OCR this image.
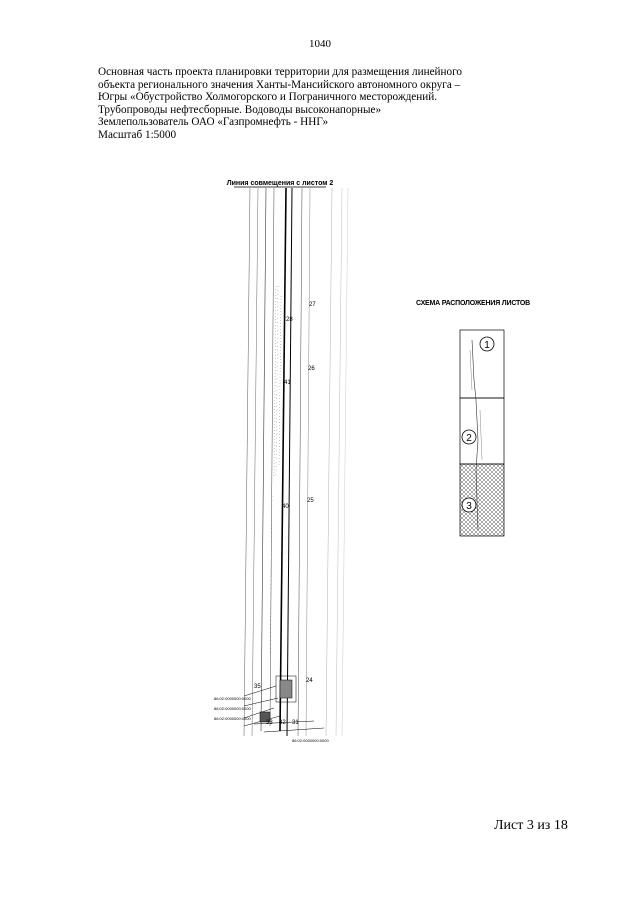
1040
Основная часть проекта планировки территории для размещения линейного
объекта регионального значения Ханты-Мансийского автономного округа –
Югры «Обустройство Холмогорского и Пограничного месторождений.
Трубопроводы нефтесборные. Водоводы высоконапорные»
Землепользователь ОАО «Газпромнефть - ННГ»
Масштаб 1:5000
Линия совмещения с листом 2
27
28
26
41
25
40
24
35
33 32 31
86:02:0000000:0000
86:02:0000000:0000
86:02:0000000:0000
86:02:0000000:0000
СХЕМА РАСПОЛОЖЕНИЯ ЛИСТОВ
1
2
3
Лист 3 из 18
